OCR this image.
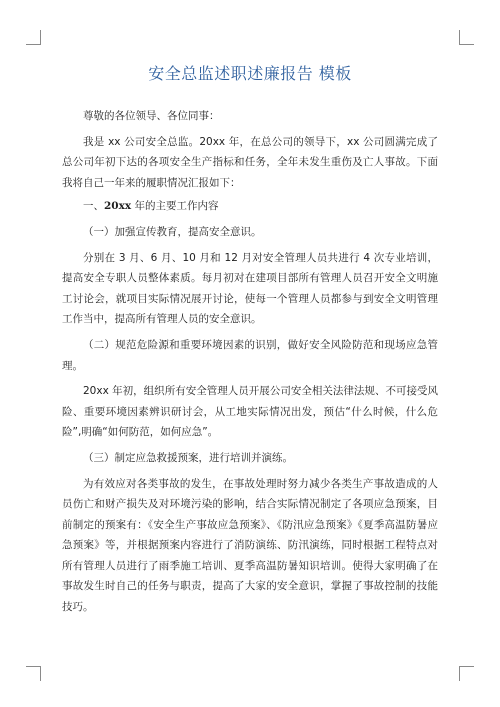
安全总监述职述廉报告 模板

尊敬的各位领导、各位同事：

我是 xx 公司安全总监。20xx 年，在总公司的领导下，xx 公司圆满完成了总公司年初下达的各项安全生产指标和任务，全年未发生重伤及亡人事故。下面我将自己一年来的履职情况汇报如下：

一、20xx 年的主要工作内容

（一）加强宣传教育，提高安全意识。

分别在 3 月、6 月、10 月和 12 月对安全管理人员共进行 4 次专业培训，提高安全专职人员整体素质。每月初对在建项目部所有管理人员召开安全文明施工讨论会，就项目实际情况展开讨论，使每一个管理人员都参与到安全文明管理工作当中，提高所有管理人员的安全意识。

（二）规范危险源和重要环境因素的识别，做好安全风险防范和现场应急管理。

20xx 年初，组织所有安全管理人员开展公司安全相关法律法规、不可接受风险、重要环境因素辨识研讨会，从工地实际情况出发，预估“什么时候，什么危险”,明确“如何防范，如何应急”。

（三）制定应急救援预案，进行培训并演练。

为有效应对各类事故的发生，在事故处理时努力减少各类生产事故造成的人员伤亡和财产损失及对环境污染的影响，结合实际情况制定了各项应急预案，目前制定的预案有：《安全生产事故应急预案》、《防汛应急预案》《夏季高温防暑应急预案》等，并根据预案内容进行了消防演练、防汛演练，同时根据工程特点对所有管理人员进行了雨季施工培训、夏季高温防暑知识培训。使得大家明确了在事故发生时自己的任务与职责，提高了大家的安全意识，掌握了事故控制的技能技巧。
